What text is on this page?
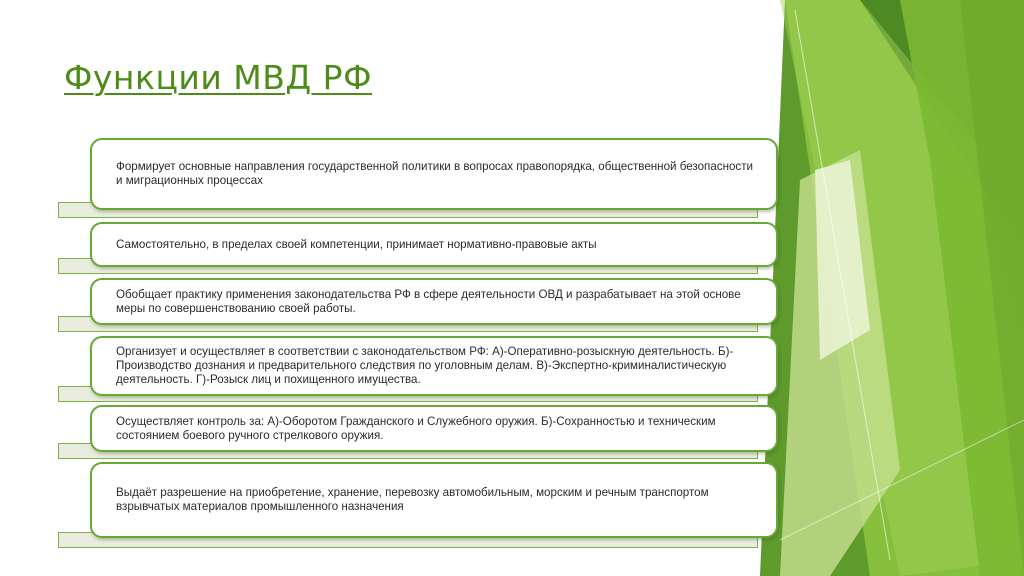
Функции МВД РФ
Формирует основные направления государственной политики в вопросах правопорядка, общественной безопасности и миграционных процессах
Самостоятельно, в пределах своей компетенции, принимает нормативно-правовые акты
Обобщает практику применения законодательства РФ в сфере деятельности ОВД и разрабатывает на этой основе меры по совершенствованию своей работы.
Организует и осуществляет в соответствии с законодательством РФ: А)-Оперативно-розыскную деятельность. Б)-Производство дознания и предварительного следствия по уголовным делам. В)-Экспертно-криминалистическую деятельность. Г)-Розыск лиц и похищенного имущества.
Осуществляет контроль за: А)-Оборотом Гражданского и Служебного оружия. Б)-Сохранностью и техническим состоянием боевого ручного стрелкового оружия.
Выдаёт разрешение на приобретение, хранение, перевозку автомобильным, морским и речным транспортом взрывчатых материалов промышленного назначения
